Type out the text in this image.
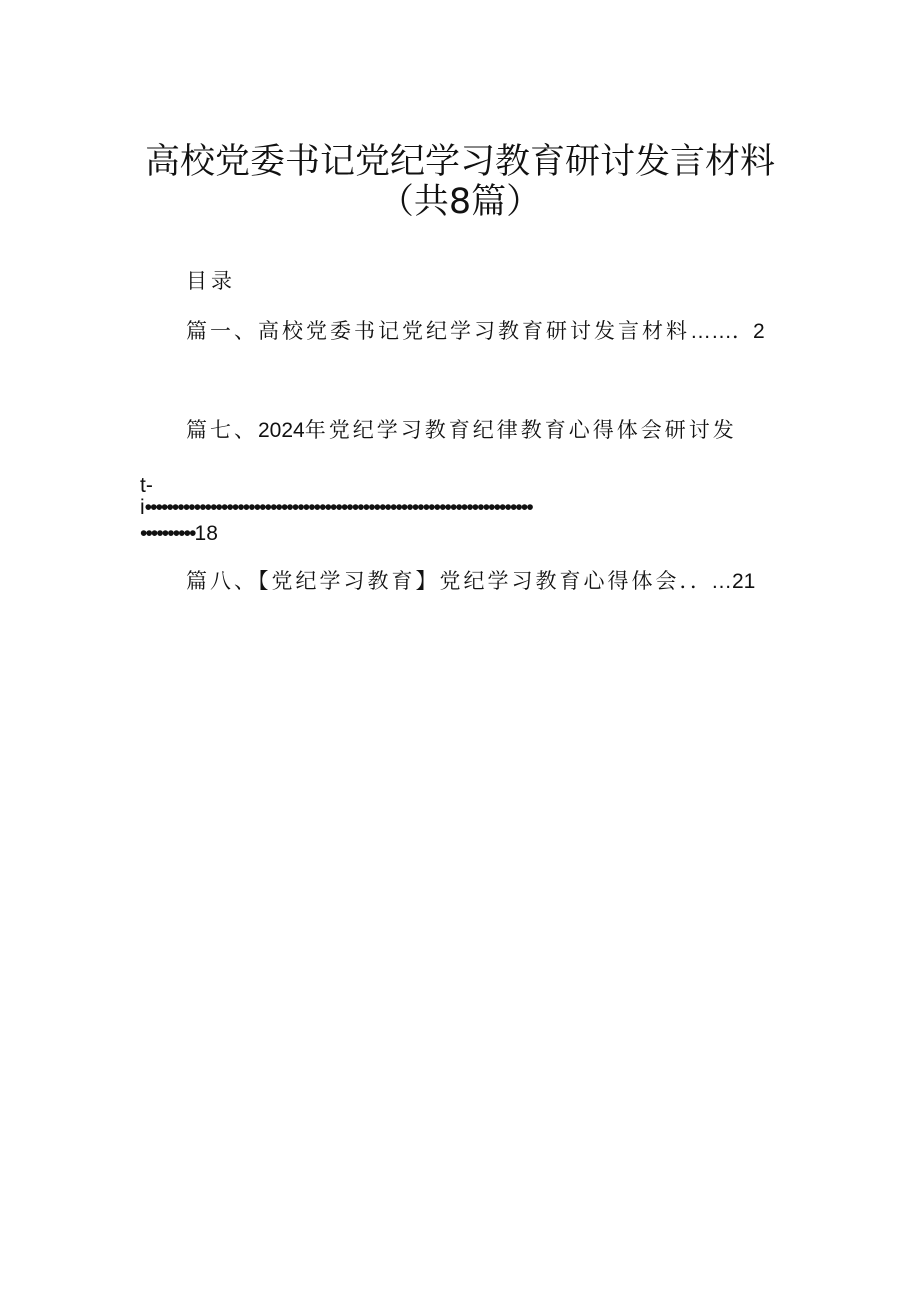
高校党委书记党纪学习教育研讨发言材料
（共8篇）
目录
篇一、高校党委书记党纪学习教育研讨发言材料……．2
篇七、2024年党纪学习教育纪律教育心得体会研讨发
t-
i•••••••••••••••••••••••••••••••••••••••••••••••••••••••••••••••••••••••
••••••••••18
篇八、【党纪学习教育】党纪学习教育心得体会．．…21
